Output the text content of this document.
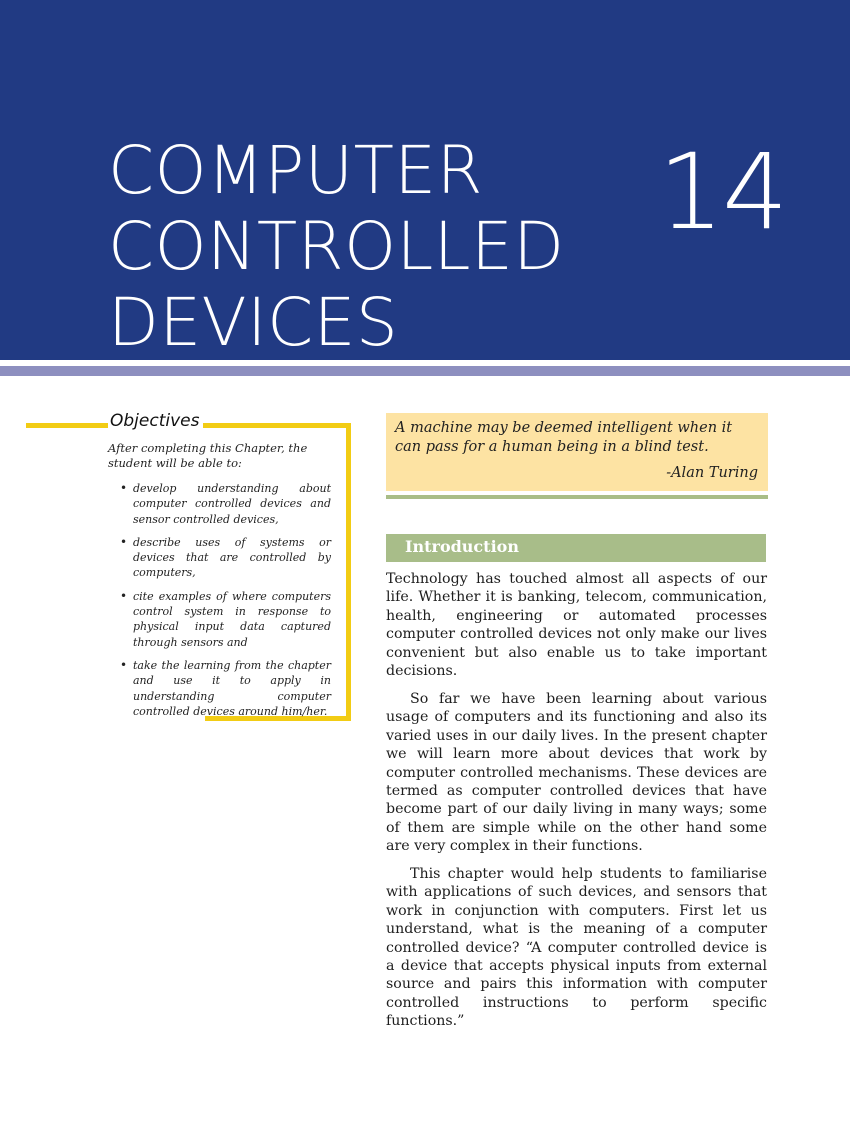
COMPUTER
CONTROLLED
DEVICES
14
Objectives
After completing this Chapter, the student will be able to:
• develop understanding about computer controlled devices and sensor controlled devices,
• describe uses of systems or devices that are controlled by computers,
• cite examples of where computers control system in response to physical input data captured through sensors and
• take the learning from the chapter and use it to apply in understanding computer controlled devices around him/her.
A machine may be deemed intelligent when it can pass for a human being in a blind test.
-Alan Turing
Introduction

Technology has touched almost all aspects of our life. Whether it is banking, telecom, communication, health, engineering or automated processes computer controlled devices not only make our lives convenient but also enable us to take important decisions.

So far we have been learning about various usage of computers and its functioning and also its varied uses in our daily lives. In the present chapter we will learn more about devices that work by computer controlled mechanisms. These devices are termed as computer controlled devices that have become part of our daily living in many ways; some of them are simple while on the other hand some are very complex in their functions.

This chapter would help students to familiarise with applications of such devices, and sensors that work in conjunction with computers. First let us understand, what is the meaning of a computer controlled device? “A computer controlled device is a device that accepts physical inputs from external source and pairs this information with computer controlled instructions to perform specific functions.”
